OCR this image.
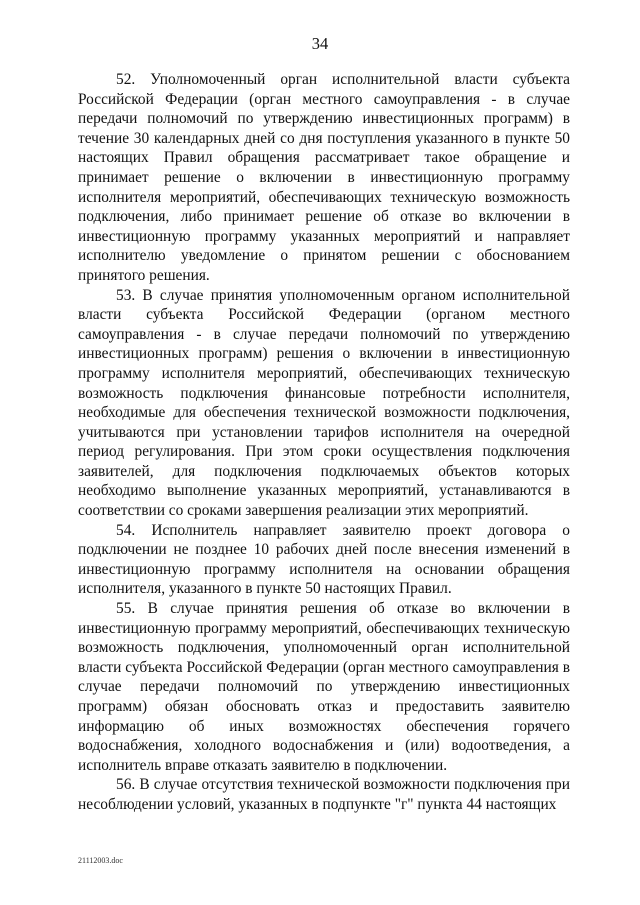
34

52. Уполномоченный орган исполнительной власти субъекта Российской Федерации (орган местного самоуправления - в случае передачи полномочий по утверждению инвестиционных программ) в течение 30 календарных дней со дня поступления указанного в пункте 50 настоящих Правил обращения рассматривает такое обращение и принимает решение о включении в инвестиционную программу исполнителя мероприятий, обеспечивающих техническую возможность подключения, либо принимает решение об отказе во включении в инвестиционную программу указанных мероприятий и направляет исполнителю уведомление о принятом решении с обоснованием принятого решения.

53. В случае принятия уполномоченным органом исполнительной власти субъекта Российской Федерации (органом местного самоуправления - в случае передачи полномочий по утверждению инвестиционных программ) решения о включении в инвестиционную программу исполнителя мероприятий, обеспечивающих техническую возможность подключения финансовые потребности исполнителя, необходимые для обеспечения технической возможности подключения, учитываются при установлении тарифов исполнителя на очередной период регулирования. При этом сроки осуществления подключения заявителей, для подключения подключаемых объектов которых необходимо выполнение указанных мероприятий, устанавливаются в соответствии со сроками завершения реализации этих мероприятий.

54. Исполнитель направляет заявителю проект договора о подключении не позднее 10 рабочих дней после внесения изменений в инвестиционную программу исполнителя на основании обращения исполнителя, указанного в пункте 50 настоящих Правил.

55. В случае принятия решения об отказе во включении в инвестиционную программу мероприятий, обеспечивающих техническую возможность подключения, уполномоченный орган исполнительной власти субъекта Российской Федерации (орган местного самоуправления в случае передачи полномочий по утверждению инвестиционных программ) обязан обосновать отказ и предоставить заявителю информацию об иных возможностях обеспечения горячего водоснабжения, холодного водоснабжения и (или) водоотведения, а исполнитель вправе отказать заявителю в подключении.

56. В случае отсутствия технической возможности подключения при несоблюдении условий, указанных в подпункте "г" пункта 44 настоящих

21112003.doc
